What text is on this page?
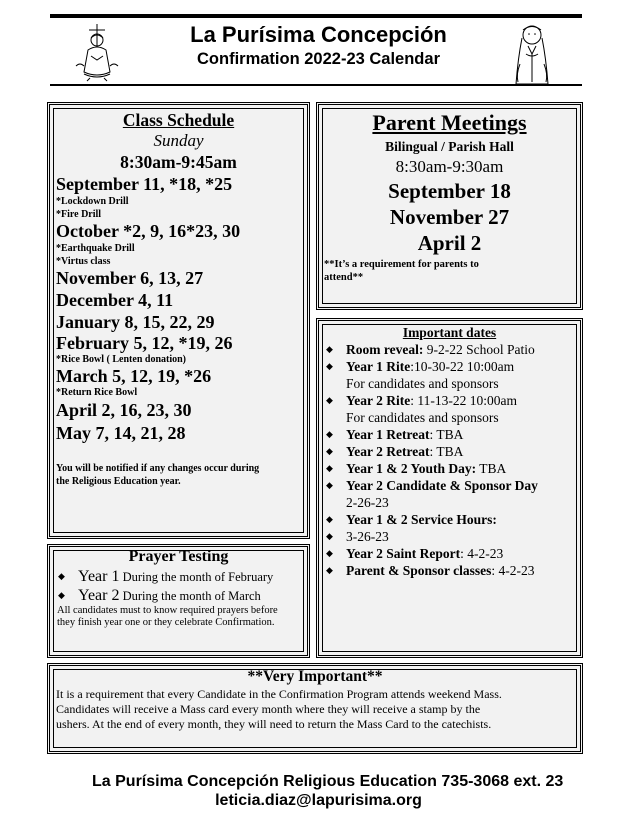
La Purísima Concepción
Confirmation 2022-23 Calendar
Class Schedule
Sunday
8:30am-9:45am
September 11, *18, *25
*Lockdown Drill
*Fire Drill
October *2, 9, 16*23, 30
*Earthquake Drill
*Virtus class
November 6, 13, 27
December 4, 11
January 8, 15, 22, 29
February 5, 12, *19, 26
*Rice Bowl ( Lenten donation)
March 5, 12, 19, *26
*Return Rice Bowl
April 2, 16, 23, 30
May 7, 14, 21, 28
You will be notified if any changes occur during
the Religious Education year.
Parent Meetings
Bilingual / Parish Hall
8:30am-9:30am
September 18
November 27
April 2
**It’s a requirement for parents to
attend**
Important dates
◆ Room reveal: 9-2-22 School Patio
◆ Year 1 Rite:10-30-22 10:00am
For candidates and sponsors
◆ Year 2 Rite: 11-13-22 10:00am
For candidates and sponsors
◆ Year 1 Retreat: TBA
◆ Year 2 Retreat: TBA
◆ Year 1 & 2 Youth Day: TBA
◆ Year 2 Candidate & Sponsor Day
2-26-23
◆ Year 1 & 2 Service Hours:
◆ 3-26-23
◆ Year 2 Saint Report: 4-2-23
◆ Parent & Sponsor classes: 4-2-23
Prayer Testing
◆ Year 1 During the month of February
◆ Year 2 During the month of March
All candidates must to know required prayers before
they finish year one or they celebrate Confirmation.
**Very Important**
It is a requirement that every Candidate in the Confirmation Program attends weekend Mass.
Candidates will receive a Mass card every month where they will receive a stamp by the
ushers. At the end of every month, they will need to return the Mass Card to the catechists.
La Purísima Concepción Religious Education 735-3068 ext. 23
leticia.diaz@lapurisima.org
